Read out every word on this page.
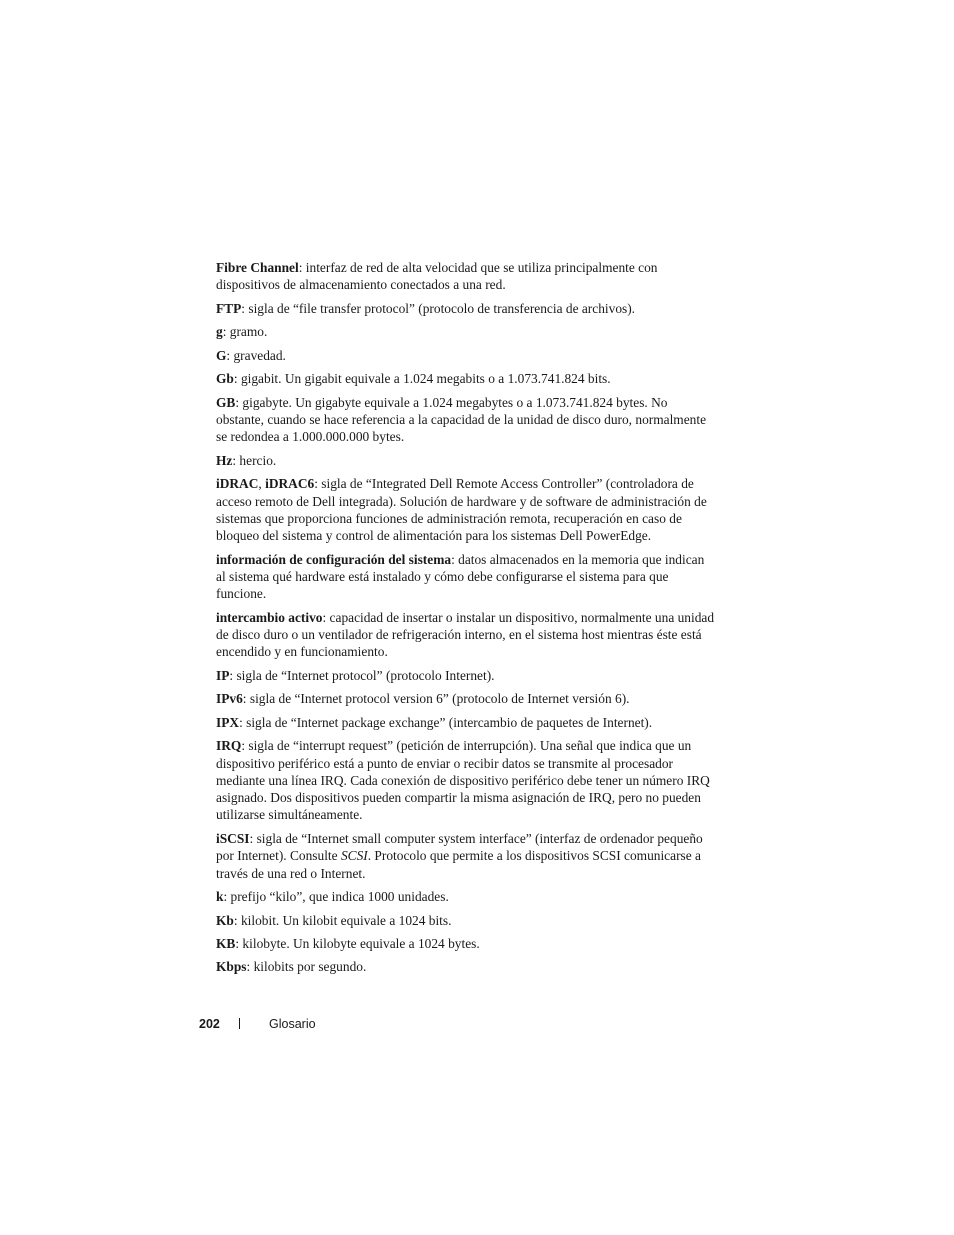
Fibre Channel: interfaz de red de alta velocidad que se utiliza principalmente con dispositivos de almacenamiento conectados a una red.

FTP: sigla de “file transfer protocol” (protocolo de transferencia de archivos).

g: gramo.

G: gravedad.

Gb: gigabit. Un gigabit equivale a 1.024 megabits o a 1.073.741.824 bits.

GB: gigabyte. Un gigabyte equivale a 1.024 megabytes o a 1.073.741.824 bytes. No obstante, cuando se hace referencia a la capacidad de la unidad de disco duro, normalmente se redondea a 1.000.000.000 bytes.

Hz: hercio.

iDRAC, iDRAC6: sigla de “Integrated Dell Remote Access Controller” (controladora de acceso remoto de Dell integrada). Solución de hardware y de software de administración de sistemas que proporciona funciones de administración remota, recuperación en caso de bloqueo del sistema y control de alimentación para los sistemas Dell PowerEdge.

información de configuración del sistema: datos almacenados en la memoria que indican al sistema qué hardware está instalado y cómo debe configurarse el sistema para que funcione.

intercambio activo: capacidad de insertar o instalar un dispositivo, normalmente una unidad de disco duro o un ventilador de refrigeración interno, en el sistema host mientras éste está encendido y en funcionamiento.

IP: sigla de “Internet protocol” (protocolo Internet).

IPv6: sigla de “Internet protocol version 6” (protocolo de Internet versión 6).

IPX: sigla de “Internet package exchange” (intercambio de paquetes de Internet).

IRQ: sigla de “interrupt request” (petición de interrupción). Una señal que indica que un dispositivo periférico está a punto de enviar o recibir datos se transmite al procesador mediante una línea IRQ. Cada conexión de dispositivo periférico debe tener un número IRQ asignado. Dos dispositivos pueden compartir la misma asignación de IRQ, pero no pueden utilizarse simultáneamente.

iSCSI: sigla de “Internet small computer system interface” (interfaz de ordenador pequeño por Internet). Consulte SCSI. Protocolo que permite a los dispositivos SCSI comunicarse a través de una red o Internet.

k: prefijo “kilo”, que indica 1000 unidades.

Kb: kilobit. Un kilobit equivale a 1024 bits.

KB: kilobyte. Un kilobyte equivale a 1024 bytes.

Kbps: kilobits por segundo.

202	Glosario
